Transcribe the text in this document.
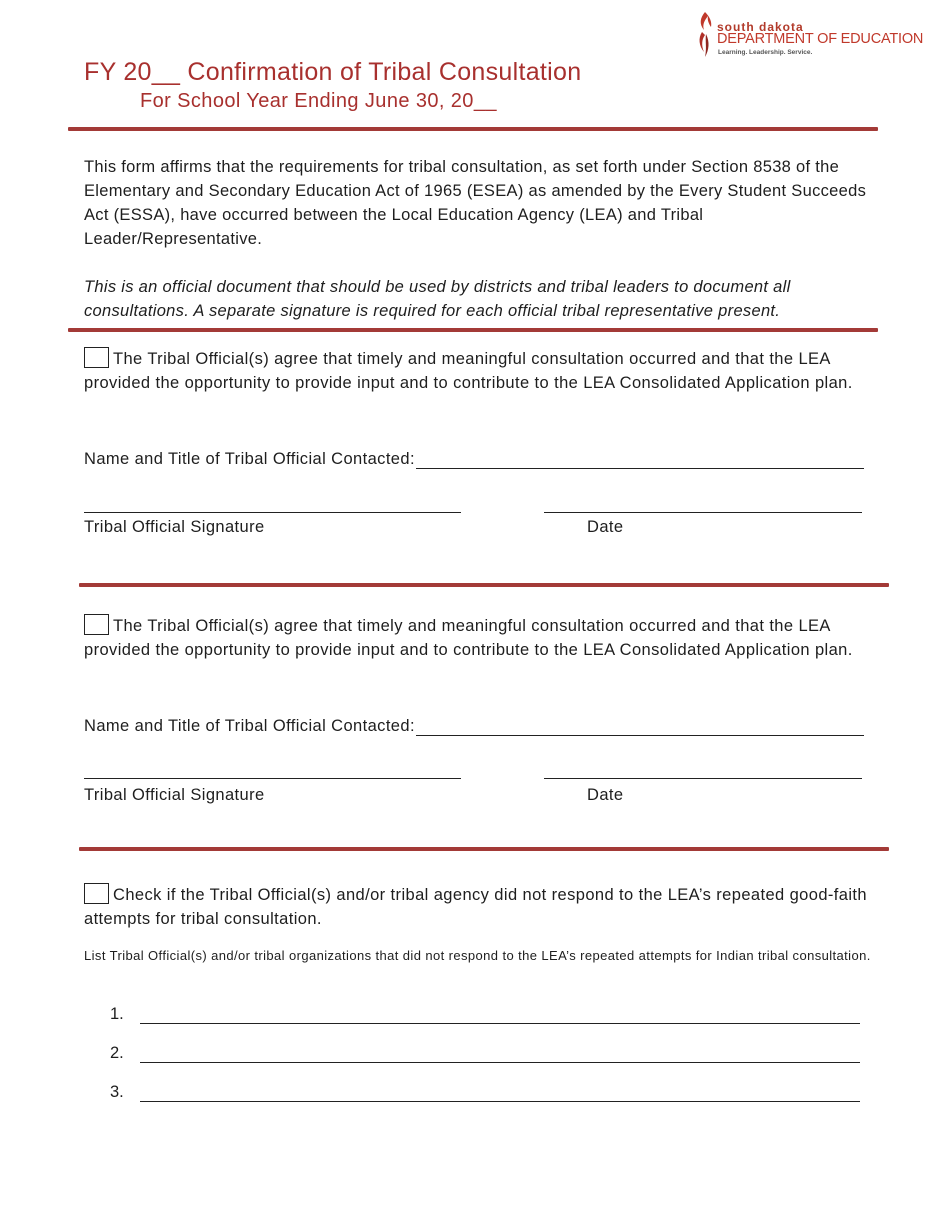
south dakota
DEPARTMENT OF EDUCATION
Learning. Leadership. Service.
FY 20__ Confirmation of Tribal Consultation
For School Year Ending June 30, 20__
This form affirms that the requirements for tribal consultation, as set forth under Section 8538 of the Elementary and Secondary Education Act of 1965 (ESEA) as amended by the Every Student Succeeds Act (ESSA), have occurred between the Local Education Agency (LEA) and Tribal Leader/Representative.
This is an official document that should be used by districts and tribal leaders to document all consultations. A separate signature is required for each official tribal representative present.
The Tribal Official(s) agree that timely and meaningful consultation occurred and that the LEA provided the opportunity to provide input and to contribute to the LEA Consolidated Application plan.
Name and Title of Tribal Official Contacted:
Tribal Official Signature	Date
The Tribal Official(s) agree that timely and meaningful consultation occurred and that the LEA provided the opportunity to provide input and to contribute to the LEA Consolidated Application plan.
Name and Title of Tribal Official Contacted:
Tribal Official Signature	Date
Check if the Tribal Official(s) and/or tribal agency did not respond to the LEA’s repeated good-faith attempts for tribal consultation.
List Tribal Official(s) and/or tribal organizations that did not respond to the LEA’s repeated attempts for Indian tribal consultation.
1.
2.
3.
